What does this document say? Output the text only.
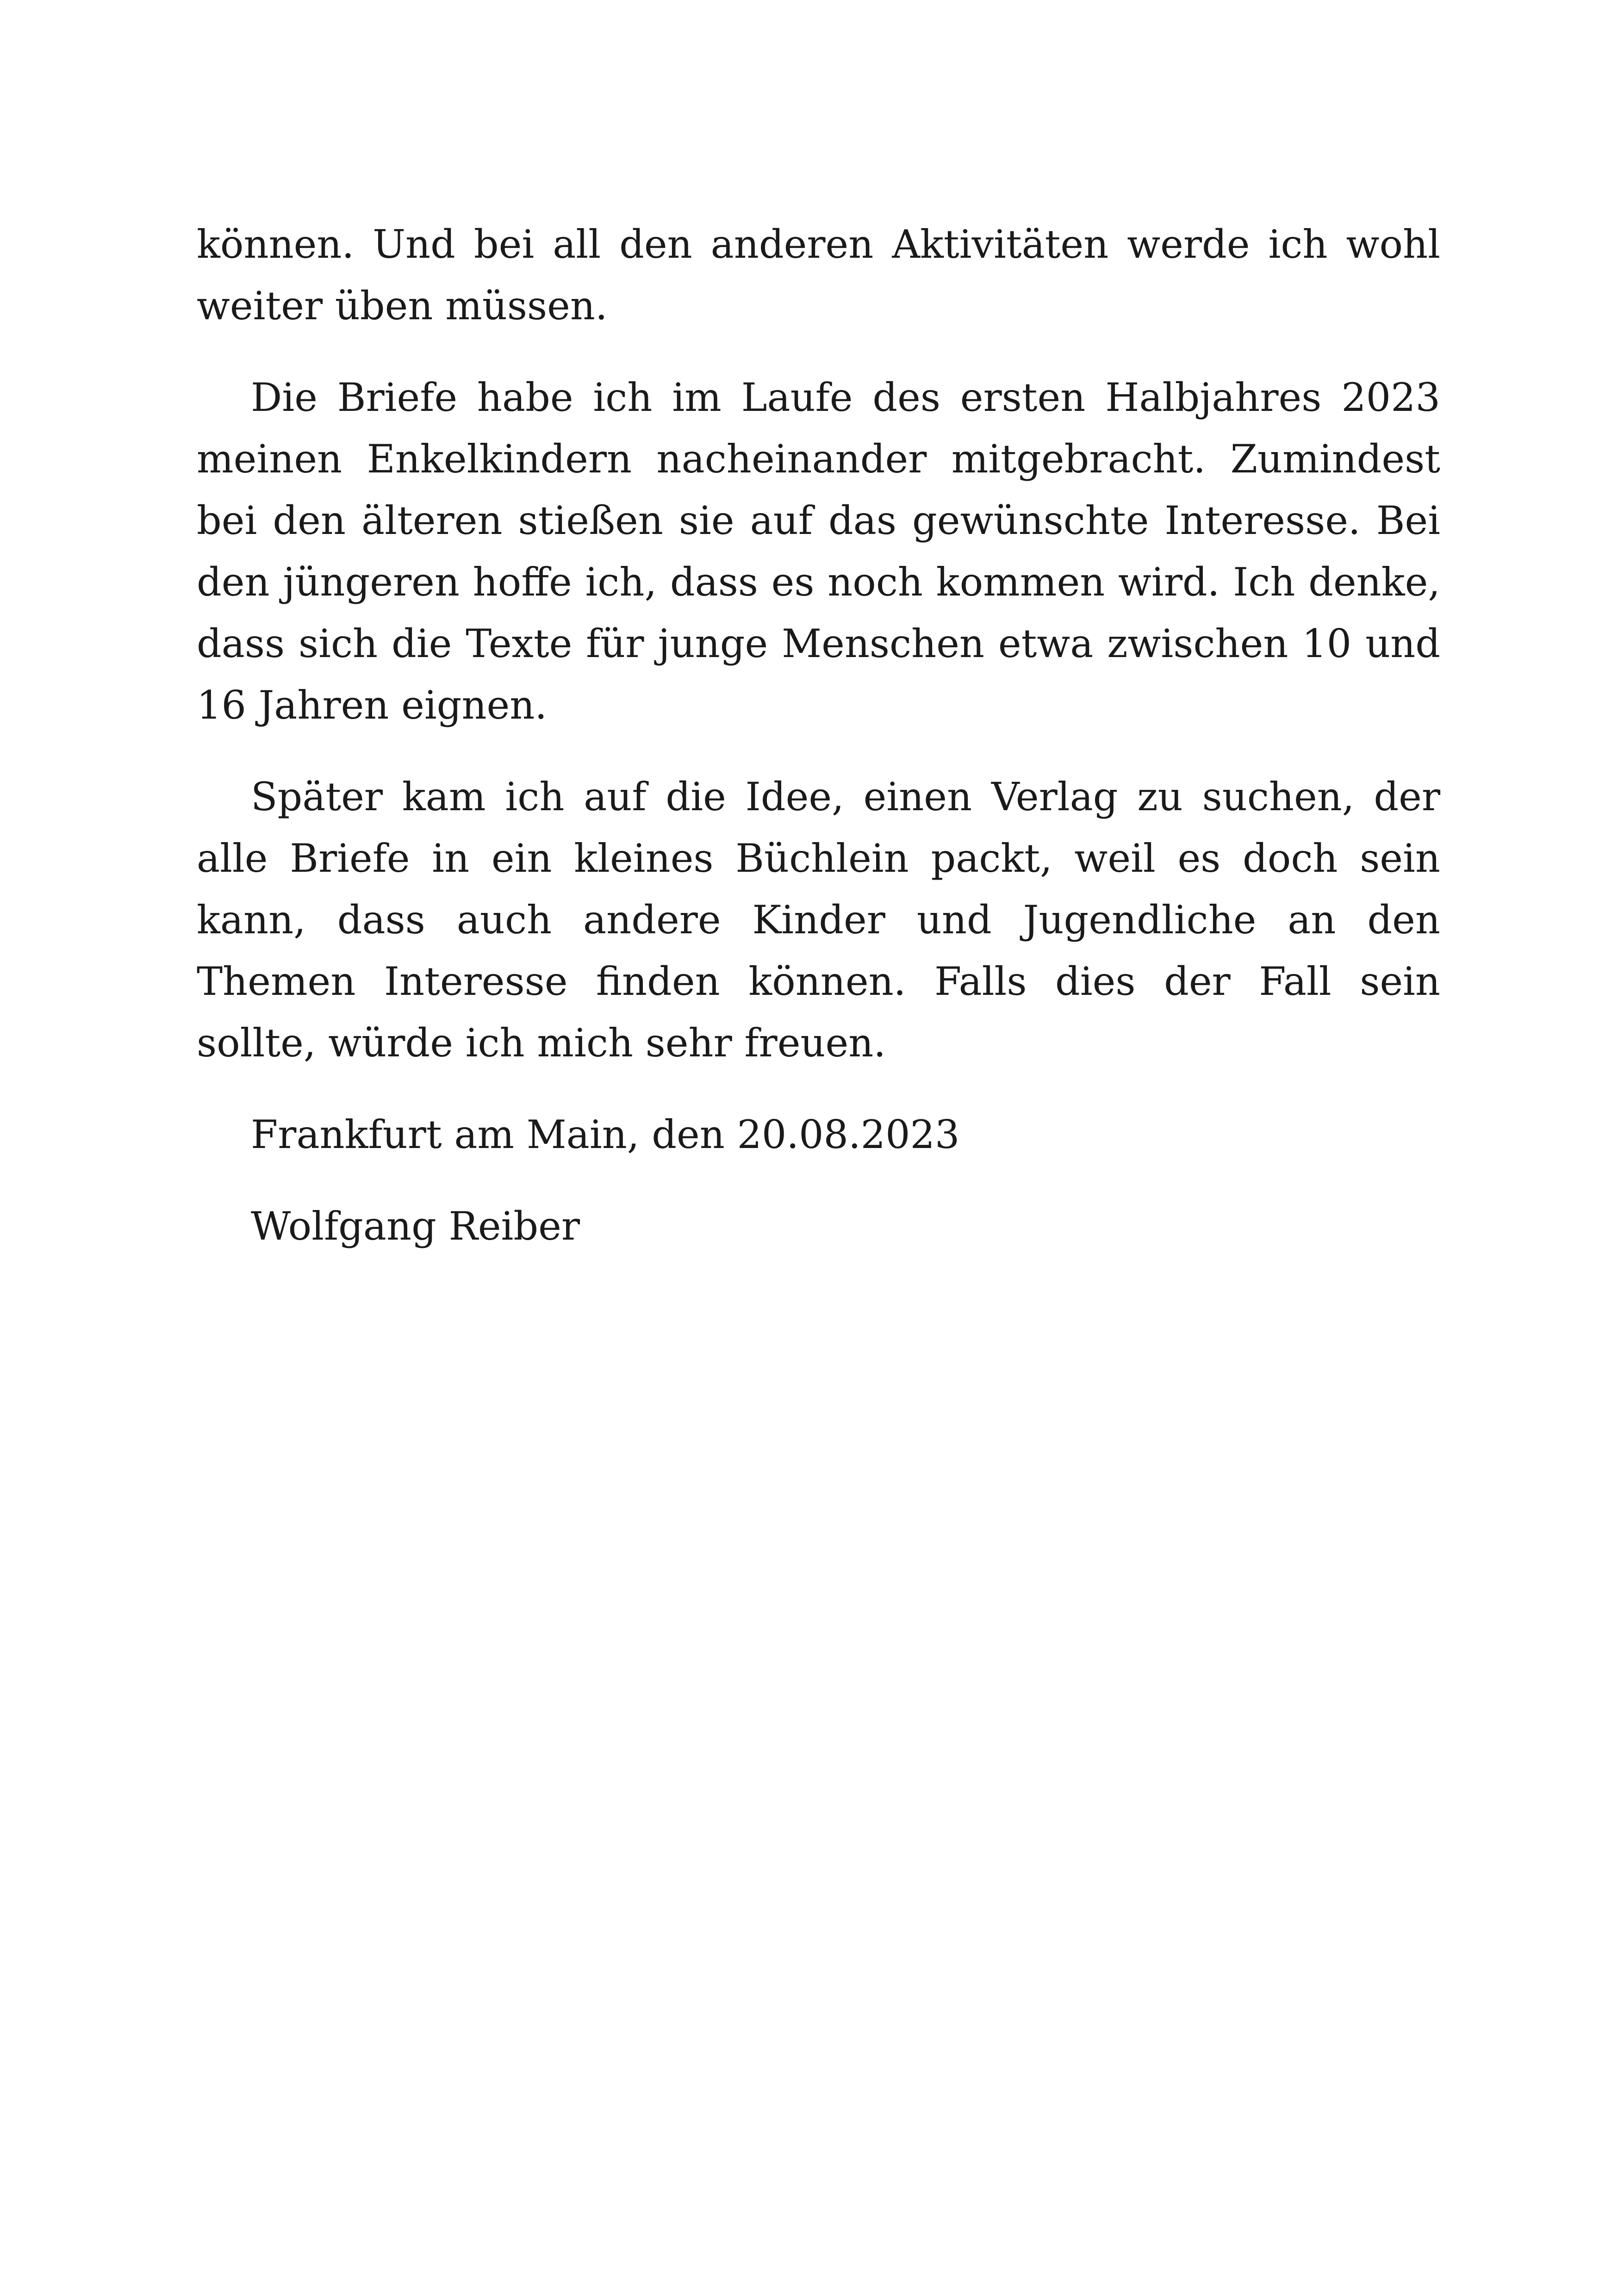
können. Und bei all den anderen Aktivitäten werde ich wohl weiter üben müssen.

Die Briefe habe ich im Laufe des ersten Halbjahres 2023 meinen Enkelkindern nacheinander mitgebracht. Zumindest bei den älteren stießen sie auf das gewünschte Interesse. Bei den jüngeren hoffe ich, dass es noch kommen wird. Ich denke, dass sich die Texte für junge Menschen etwa zwischen 10 und 16 Jahren eignen.

Später kam ich auf die Idee, einen Verlag zu suchen, der alle Briefe in ein kleines Büchlein packt, weil es doch sein kann, dass auch andere Kinder und Jugendliche an den Themen Interesse finden können. Falls dies der Fall sein sollte, würde ich mich sehr freuen.

Frankfurt am Main, den 20.08.2023

Wolfgang Reiber
